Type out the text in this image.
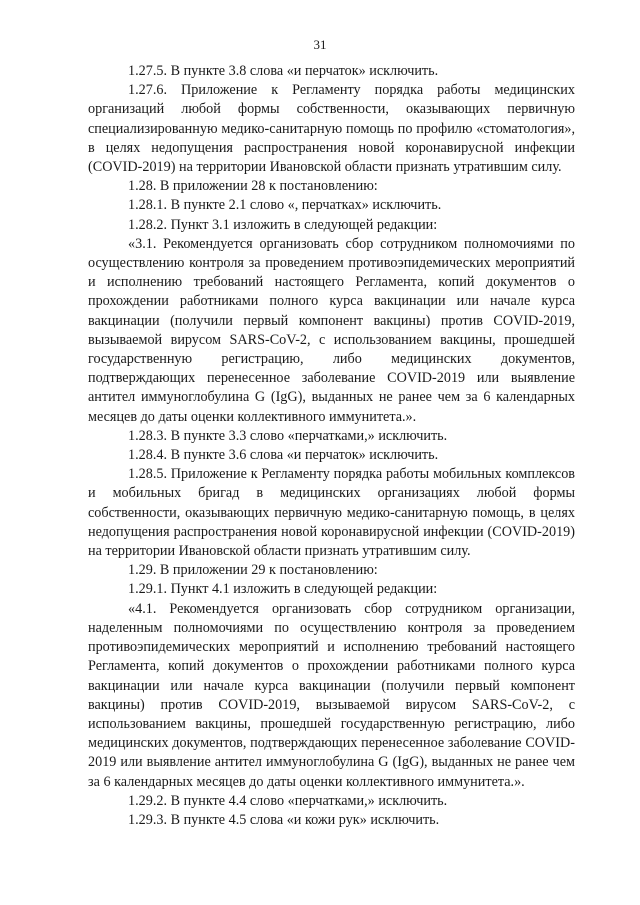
31

1.27.5. В пункте 3.8 слова «и перчаток» исключить.

1.27.6. Приложение к Регламенту порядка работы медицинских организаций любой формы собственности, оказывающих первичную специализированную медико-санитарную помощь по профилю «стоматология», в целях недопущения распространения новой коронавирусной инфекции (COVID-2019) на территории Ивановской области признать утратившим силу.

1.28. В приложении 28 к постановлению:

1.28.1. В пункте 2.1 слово «, перчатках» исключить.

1.28.2. Пункт 3.1 изложить в следующей редакции:

«3.1. Рекомендуется организовать сбор сотрудником полномочиями по осуществлению контроля за проведением противоэпидемических мероприятий и исполнению требований настоящего Регламента, копий документов о прохождении работниками полного курса вакцинации или начале курса вакцинации (получили первый компонент вакцины) против COVID-2019, вызываемой вирусом SARS-CoV-2, с использованием вакцины, прошедшей государственную регистрацию, либо медицинских документов, подтверждающих перенесенное заболевание COVID-2019 или выявление антител иммуноглобулина G (IgG), выданных не ранее чем за 6 календарных месяцев до даты оценки коллективного иммунитета.».

1.28.3. В пункте 3.3 слово «перчатками,» исключить.

1.28.4. В пункте 3.6 слова «и перчаток» исключить.

1.28.5. Приложение к Регламенту порядка работы мобильных комплексов и мобильных бригад в медицинских организациях любой формы собственности, оказывающих первичную медико-санитарную помощь, в целях недопущения распространения новой коронавирусной инфекции (COVID-2019) на территории Ивановской области признать утратившим силу.

1.29. В приложении 29 к постановлению:

1.29.1. Пункт 4.1 изложить в следующей редакции:

«4.1. Рекомендуется организовать сбор сотрудником организации, наделенным полномочиями по осуществлению контроля за проведением противоэпидемических мероприятий и исполнению требований настоящего Регламента, копий документов о прохождении работниками полного курса вакцинации или начале курса вакцинации (получили первый компонент вакцины) против COVID-2019, вызываемой вирусом SARS-CoV-2, с использованием вакцины, прошедшей государственную регистрацию, либо медицинских документов, подтверждающих перенесенное заболевание COVID-2019 или выявление антител иммуноглобулина G (IgG), выданных не ранее чем за 6 календарных месяцев до даты оценки коллективного иммунитета.».

1.29.2. В пункте 4.4 слово «перчатками,» исключить.

1.29.3. В пункте 4.5 слова «и кожи рук» исключить.
